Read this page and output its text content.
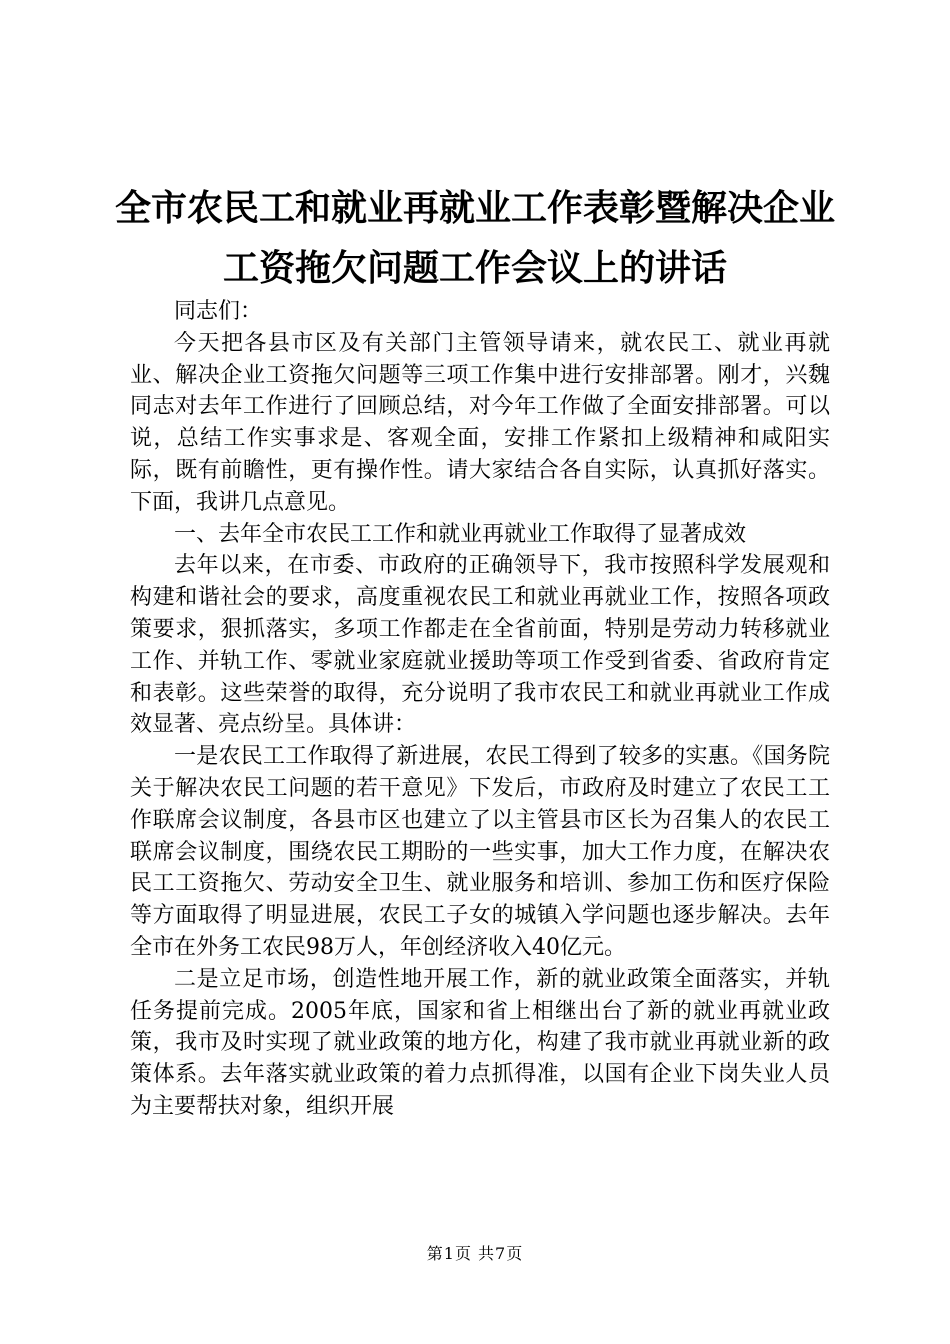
全市农民工和就业再就业工作表彰暨解决企业
工资拖欠问题工作会议上的讲话

同志们：

今天把各县市区及有关部门主管领导请来，就农民工、就业再就业、解决企业工资拖欠问题等三项工作集中进行安排部署。刚才，兴魏同志对去年工作进行了回顾总结，对今年工作做了全面安排部署。可以说，总结工作实事求是、客观全面，安排工作紧扣上级精神和咸阳实际，既有前瞻性，更有操作性。请大家结合各自实际，认真抓好落实。下面，我讲几点意见。

一、去年全市农民工工作和就业再就业工作取得了显著成效

去年以来，在市委、市政府的正确领导下，我市按照科学发展观和构建和谐社会的要求，高度重视农民工和就业再就业工作，按照各项政策要求，狠抓落实，多项工作都走在全省前面，特别是劳动力转移就业工作、并轨工作、零就业家庭就业援助等项工作受到省委、省政府肯定和表彰。这些荣誉的取得，充分说明了我市农民工和就业再就业工作成效显著、亮点纷呈。具体讲：

一是农民工工作取得了新进展，农民工得到了较多的实惠。《国务院关于解决农民工问题的若干意见》下发后，市政府及时建立了农民工工作联席会议制度，各县市区也建立了以主管县市区长为召集人的农民工联席会议制度，围绕农民工期盼的一些实事，加大工作力度，在解决农民工工资拖欠、劳动安全卫生、就业服务和培训、参加工伤和医疗保险等方面取得了明显进展，农民工子女的城镇入学问题也逐步解决。去年全市在外务工农民98万人，年创经济收入40亿元。

二是立足市场，创造性地开展工作，新的就业政策全面落实，并轨任务提前完成。2005年底，国家和省上相继出台了新的就业再就业政策，我市及时实现了就业政策的地方化，构建了我市就业再就业新的政策体系。去年落实就业政策的着力点抓得准，以国有企业下岗失业人员为主要帮扶对象，组织开展

第1页 共7页
